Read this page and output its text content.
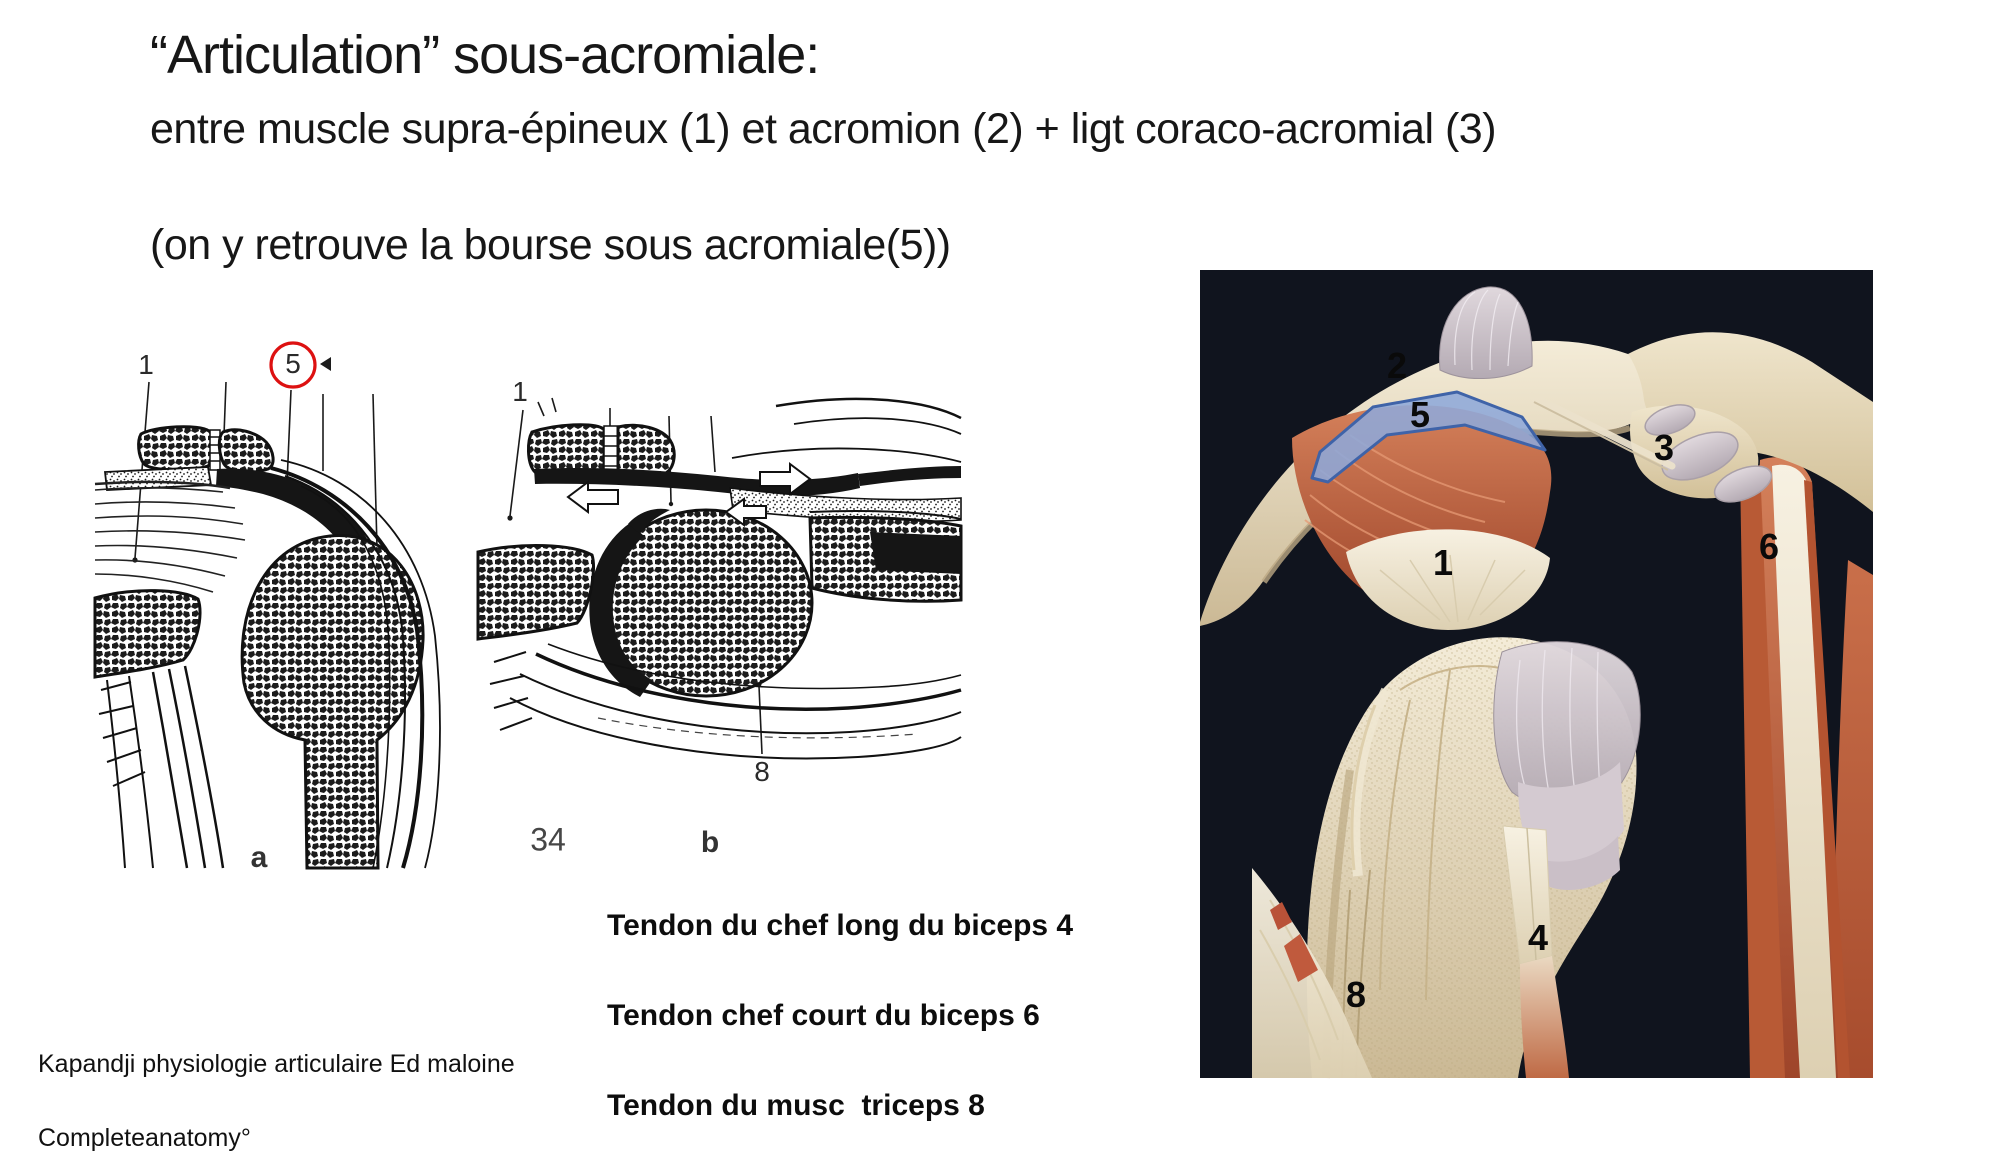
“Articulation” sous-acromiale:
entre muscle supra-épineux (1) et acromion (2) + ligt coraco-acromial (3)

(on y retrouve la bourse sous acromiale(5))
1	5
a
1
8
34	b
2
5
3
6
1
4
8
Tendon du chef long du biceps 4

Tendon chef court du biceps 6

Tendon du musc  triceps 8
Kapandji physiologie articulaire Ed maloine

Completeanatomy°
